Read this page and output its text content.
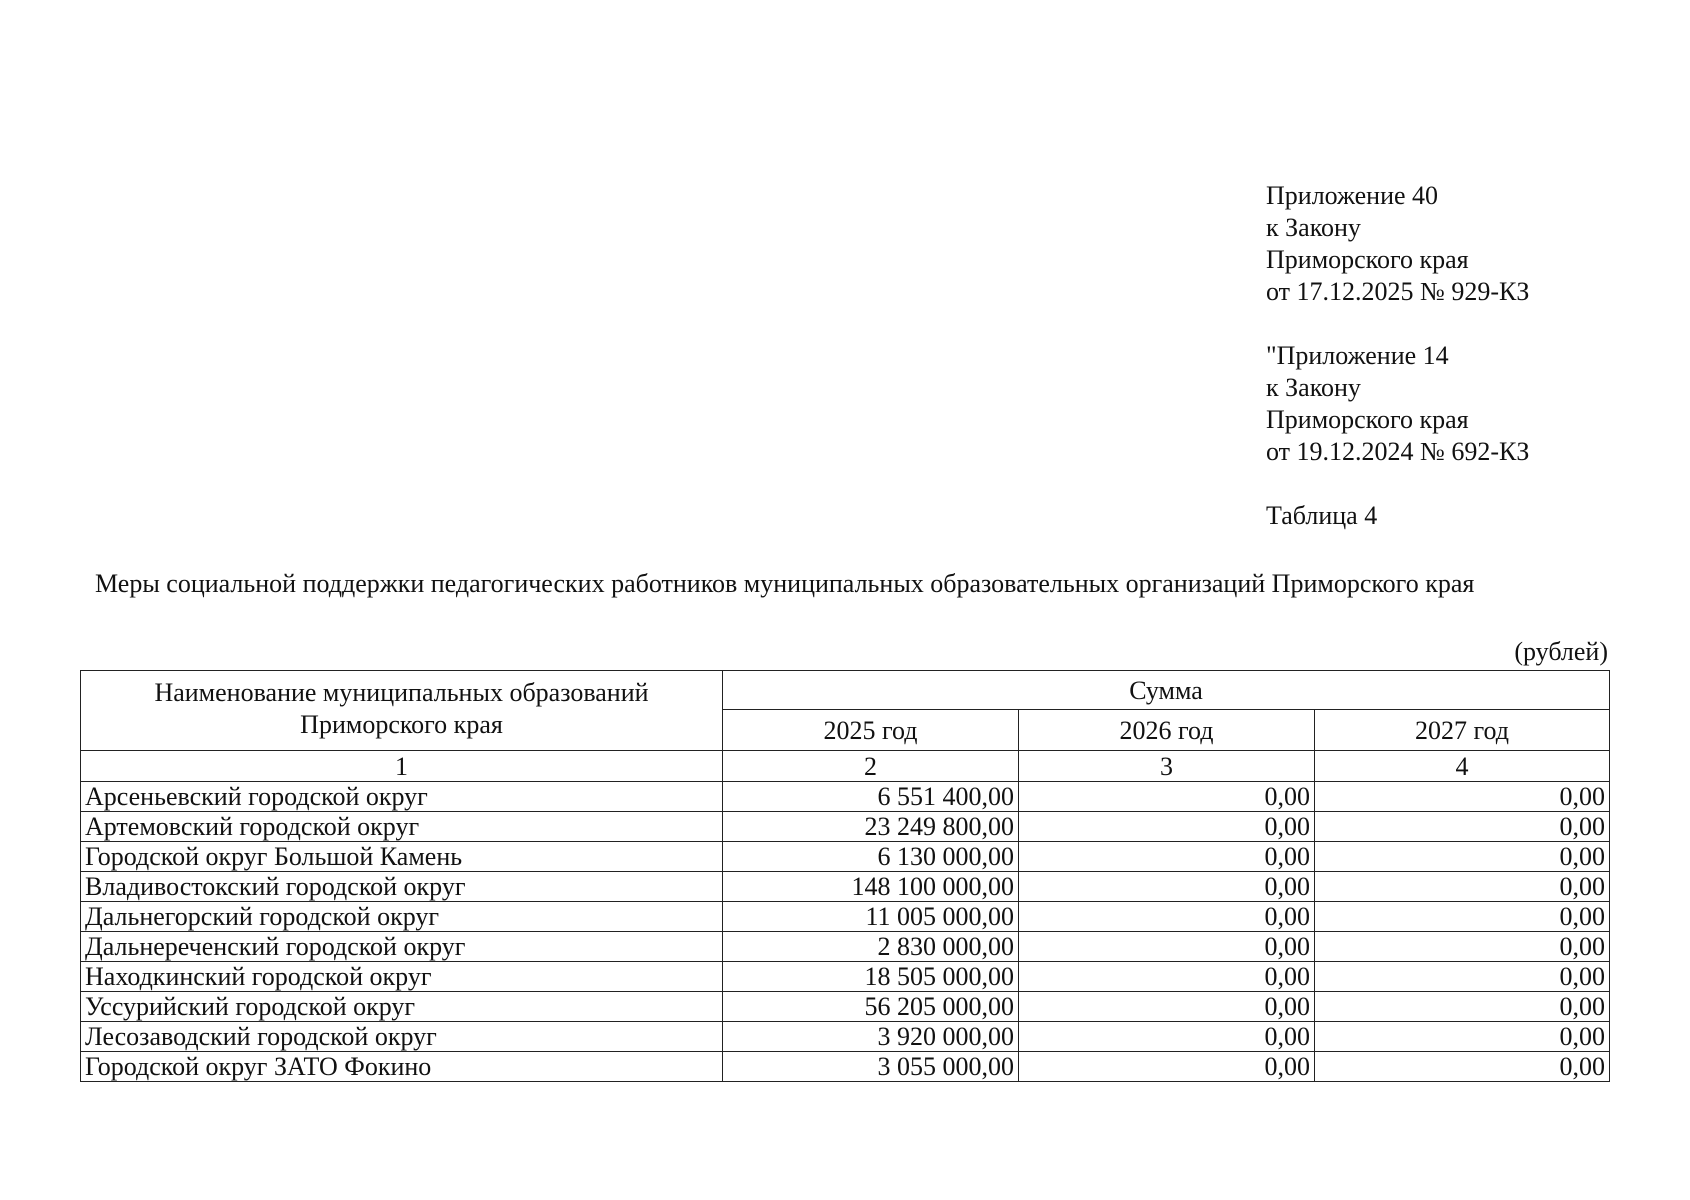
Приложение 40
к Закону
Приморского края
от 17.12.2025 № 929-КЗ
"Приложение 14
к Закону
Приморского края
от 19.12.2024 № 692-КЗ
Таблица 4
Меры социальной поддержки педагогических работников муниципальных образовательных организаций Приморского края
(рублей)
Наименование муниципальных образований
Приморского края	Сумма		
	2025 год	2026 год	2027 год
1	2	3	4
Арсеньевский городской округ	6 551 400,00	0,00	0,00
Артемовский городской округ	23 249 800,00	0,00	0,00
Городской округ Большой Камень	6 130 000,00	0,00	0,00
Владивостокский городской округ	148 100 000,00	0,00	0,00
Дальнегорский городской округ	11 005 000,00	0,00	0,00
Дальнереченский городской округ	2 830 000,00	0,00	0,00
Находкинский городской округ	18 505 000,00	0,00	0,00
Уссурийский городской округ	56 205 000,00	0,00	0,00
Лесозаводский городской округ	3 920 000,00	0,00	0,00
Городской округ ЗАТО Фокино	3 055 000,00	0,00	0,00
